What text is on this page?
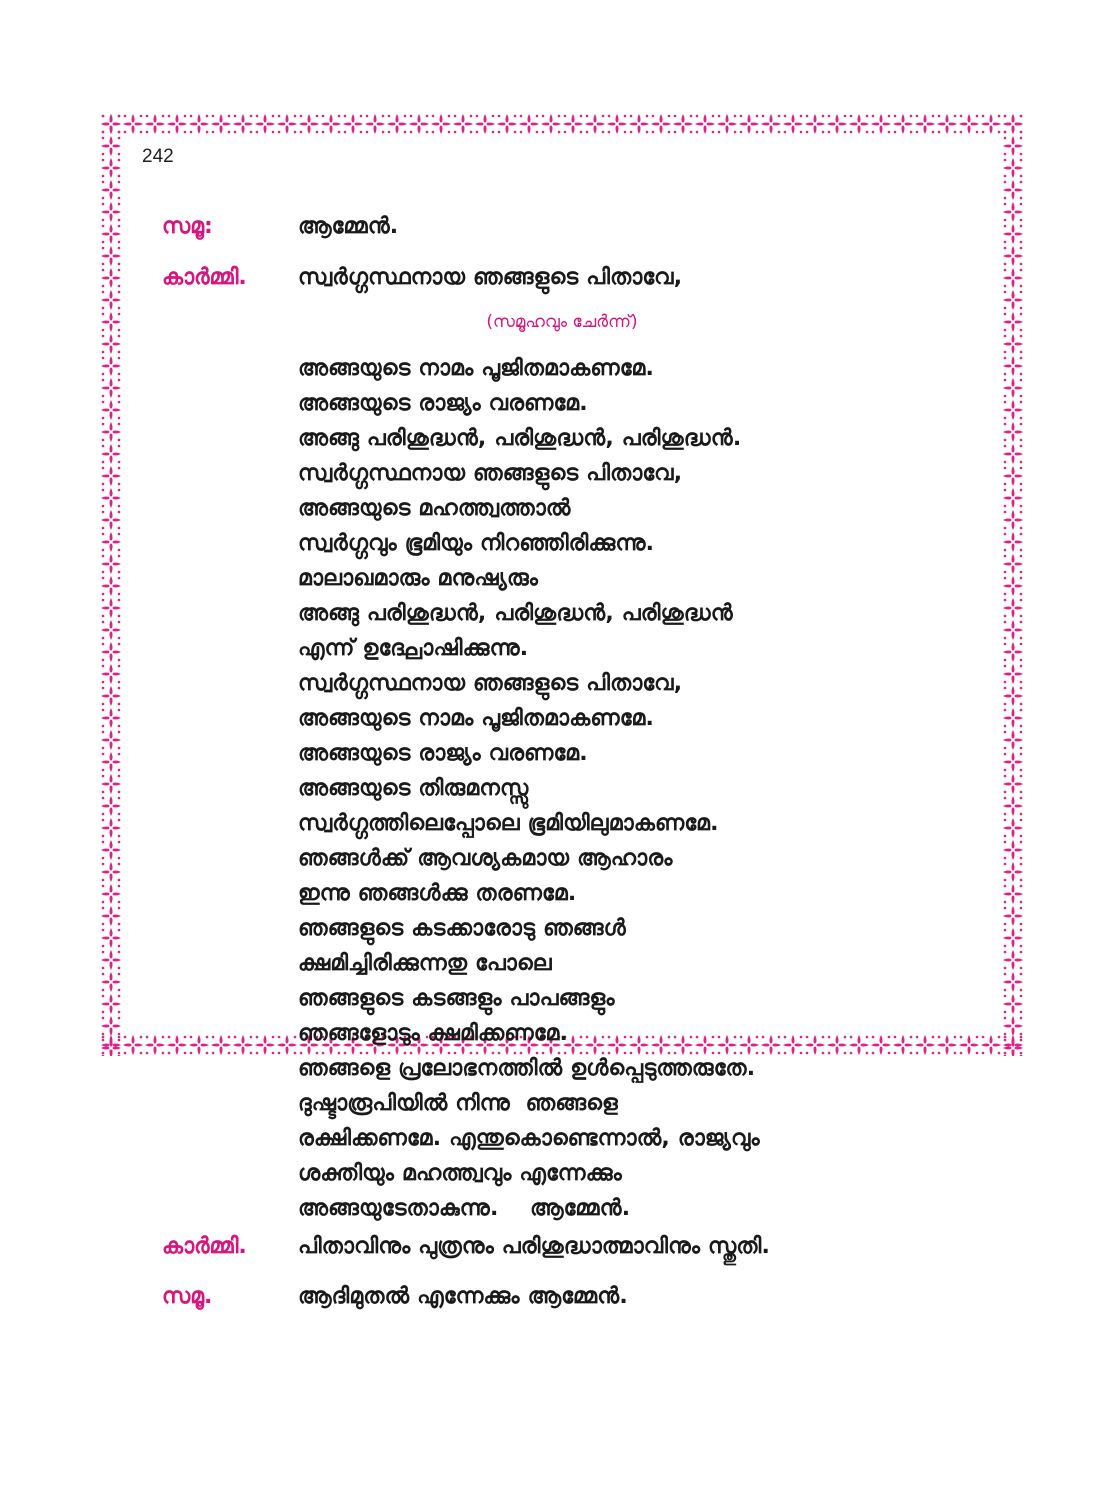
242
സമൂ:	ആമ്മേൻ.
കാർമ്മി. സ്വർഗ്ഗസ്ഥനായ ഞങ്ങളുടെ പിതാവേ,
(സമൂഹവും ചേർന്ന്)
അങ്ങയുടെ നാമം പൂജിതമാകണമേ.
അങ്ങയുടെ രാജ്യം വരണമേ.
അങ്ങു പരിശുദ്ധൻ, പരിശുദ്ധൻ, പരിശുദ്ധൻ.
സ്വർഗ്ഗസ്ഥനായ ഞങ്ങളുടെ പിതാവേ,
അങ്ങയുടെ മഹത്ത്വത്താൽ
സ്വർഗ്ഗവും ഭൂമിയും നിറഞ്ഞിരിക്കുന്നു.
മാലാഖമാരും മനുഷ്യരും
അങ്ങു പരിശുദ്ധൻ, പരിശുദ്ധൻ, പരിശുദ്ധൻ
എന്ന് ഉദ്ഘോഷിക്കുന്നു.
സ്വർഗ്ഗസ്ഥനായ ഞങ്ങളുടെ പിതാവേ,
അങ്ങയുടെ നാമം പൂജിതമാകണമേ.
അങ്ങയുടെ രാജ്യം വരണമേ.
അങ്ങയുടെ തിരുമനസ്സു
സ്വർഗ്ഗത്തിലെപ്പോലെ ഭൂമിയിലുമാകണമേ.
ഞങ്ങൾക്ക് ആവശ്യകമായ ആഹാരം
ഇന്നു ഞങ്ങൾക്കു തരണമേ.
ഞങ്ങളുടെ കടക്കാരോടു ഞങ്ങൾ
ക്ഷമിച്ചിരിക്കുന്നതു പോലെ
ഞങ്ങളുടെ കടങ്ങളും പാപങ്ങളും
ഞങ്ങളോടും ക്ഷമിക്കണമേ.
ഞങ്ങളെ പ്രലോഭനത്തിൽ ഉൾപ്പെടുത്തരുതേ.
ദുഷ്ടാരൂപിയിൽ നിന്നു  ഞങ്ങളെ
രക്ഷിക്കണമേ. എന്തുകൊണ്ടെന്നാൽ, രാജ്യവും
ശക്തിയും മഹത്ത്വവും എന്നേക്കും
അങ്ങയുടേതാകുന്നു.    ആമ്മേൻ.
കാർമ്മി. പിതാവിനും പുത്രനും പരിശുദ്ധാത്മാവിനും സ്തുതി.
സമൂ.	ആദിമുതൽ എന്നേക്കും ആമ്മേൻ.
